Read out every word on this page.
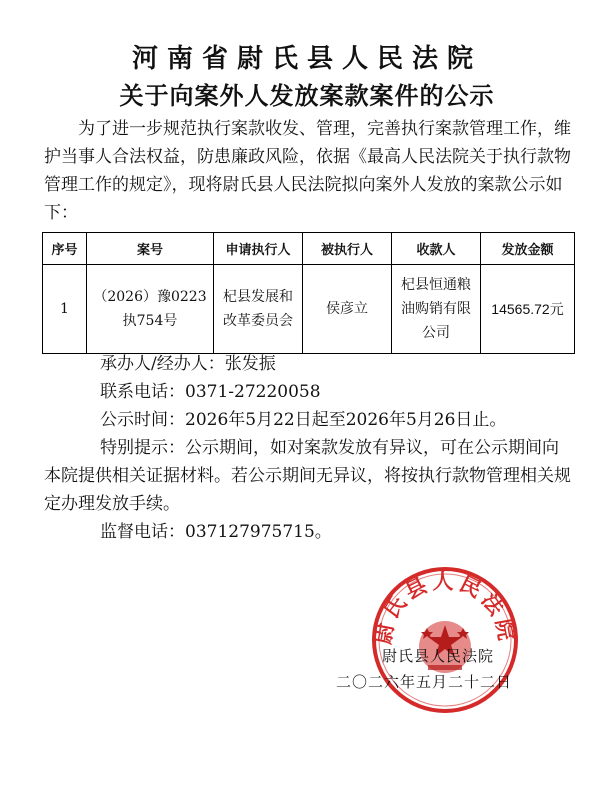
河南省尉氏县人民法院
关于向案外人发放案款案件的公示

为了进一步规范执行案款收发、管理，完善执行案款管理工作，维护当事人合法权益，防患廉政风险，依据《最高人民法院关于执行款物管理工作的规定》，现将尉氏县人民法院拟向案外人发放的案款公示如下：

序号	案号	申请执行人	被执行人	收款人	发放金额
1	（2026）豫0223执754号	杞县发展和改革委员会	侯彦立	杞县恒通粮油购销有限公司	14565.72元
承办人/经办人：张发振
联系电话：0371-27220058
公示时间：2026年5月22日起至2026年5月26日止。
特别提示：公示期间，如对案款发放有异议，可在公示期间向本院提供相关证据材料。若公示期间无异议，将按执行款物管理相关规定办理发放手续。
监督电话：03712797​5715。
尉氏县人民法院
尉氏县人民法院
二〇二六年五月二十二日
